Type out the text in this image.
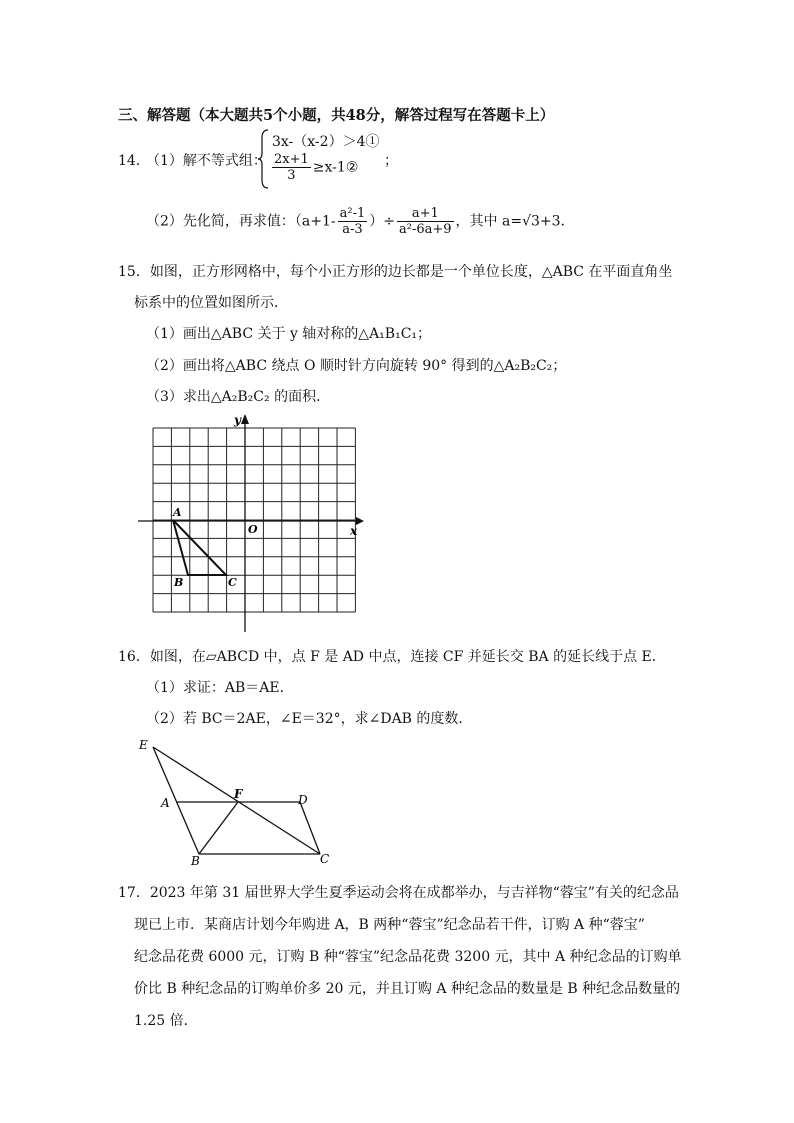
三、解答题（本大题共5个小题，共48分，解答过程写在答题卡上）
14．
（1）解不等式组：
3x-（x-2）＞4①
$\frac{2x+1}{3}$ ≥x-1② ；
（2）先化简，再求值：（$a+1- \frac{\text{a²-1}}{a-3}$ ）÷ $\frac{a+1}{\text{a²-6a+9}}$ ，其中 a=√3+3．
15．如图，正方形网格中，每个小正方形的边长都是一个单位长度，△ABC 在平面直角坐
标系中的位置如图所示．
（1）画出△ABC 关于 y 轴对称的△A₁B₁C₁；
（2）画出将△ABC 绕点 O 顺时针方向旋转 90° 得到的△A₂B₂C₂；
（3）求出△A₂B₂C₂ 的面积．
y
x
O
A
B	C
16．如图，在▱ABCD 中，点 F 是 AD 中点，连接 CF 并延长交 BA 的延长线于点 E．
（1）求证：AB＝AE．
（2）若 BC＝2AE，∠E＝32°，求∠DAB 的度数．
E
A
F	D
B	C
17．2023 年第 31 届世界大学生夏季运动会将在成都举办，与吉祥物“蓉宝”有关的纪念品
现已上市．某商店计划今年购进 A，B 两种“蓉宝”纪念品若干件，订购 A 种“蓉宝”
纪念品花费 6000 元，订购 B 种“蓉宝”纪念品花费 3200 元，其中 A 种纪念品的订购单
价比 B 种纪念品的订购单价多 20 元，并且订购 A 种纪念品的数量是 B 种纪念品数量的
1.25 倍．
